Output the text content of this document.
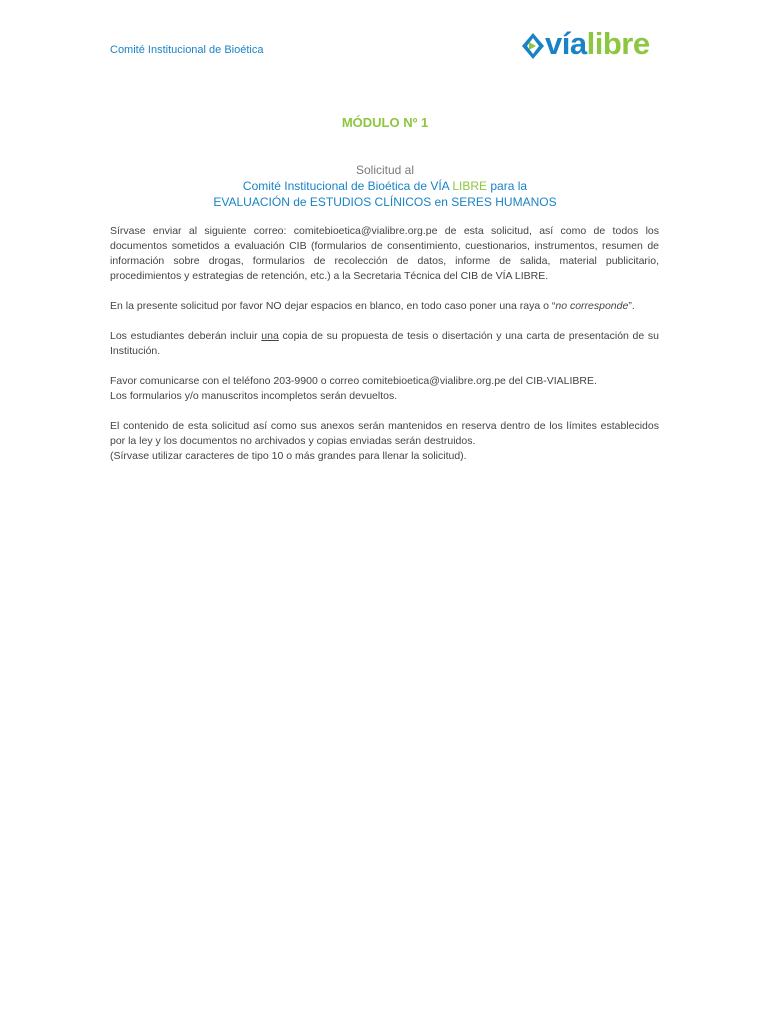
Comité Institucional de Bioética	víalibre
MÓDULO Nº 1
Solicitud al
Comité Institucional de Bioética de VÍA LIBRE para la
EVALUACIÓN de ESTUDIOS CLÍNICOS en SERES HUMANOS

Sírvase enviar al siguiente correo: comitebioetica@vialibre.org.pe de esta solicitud, así como de todos los documentos sometidos a evaluación CIB (formularios de consentimiento, cuestionarios, instrumentos, resumen de información sobre drogas, formularios de recolección de datos, informe de salida, material publicitario, procedimientos y estrategias de retención, etc.) a la Secretaria Técnica del CIB de VÍA LIBRE.

En la presente solicitud por favor NO dejar espacios en blanco, en todo caso poner una raya o “no corresponde”.

Los estudiantes deberán incluir una copia de su propuesta de tesis o disertación y una carta de presentación de su Institución.

Favor comunicarse con el teléfono 203-9900 o correo comitebioetica@vialibre.org.pe del CIB-VIALIBRE.
Los formularios y/o manuscritos incompletos serán devueltos.

El contenido de esta solicitud así como sus anexos serán mantenidos en reserva dentro de los límites establecidos por la ley y los documentos no archivados y copias enviadas serán destruidos.
(Sírvase utilizar caracteres de tipo 10 o más grandes para llenar la solicitud).
